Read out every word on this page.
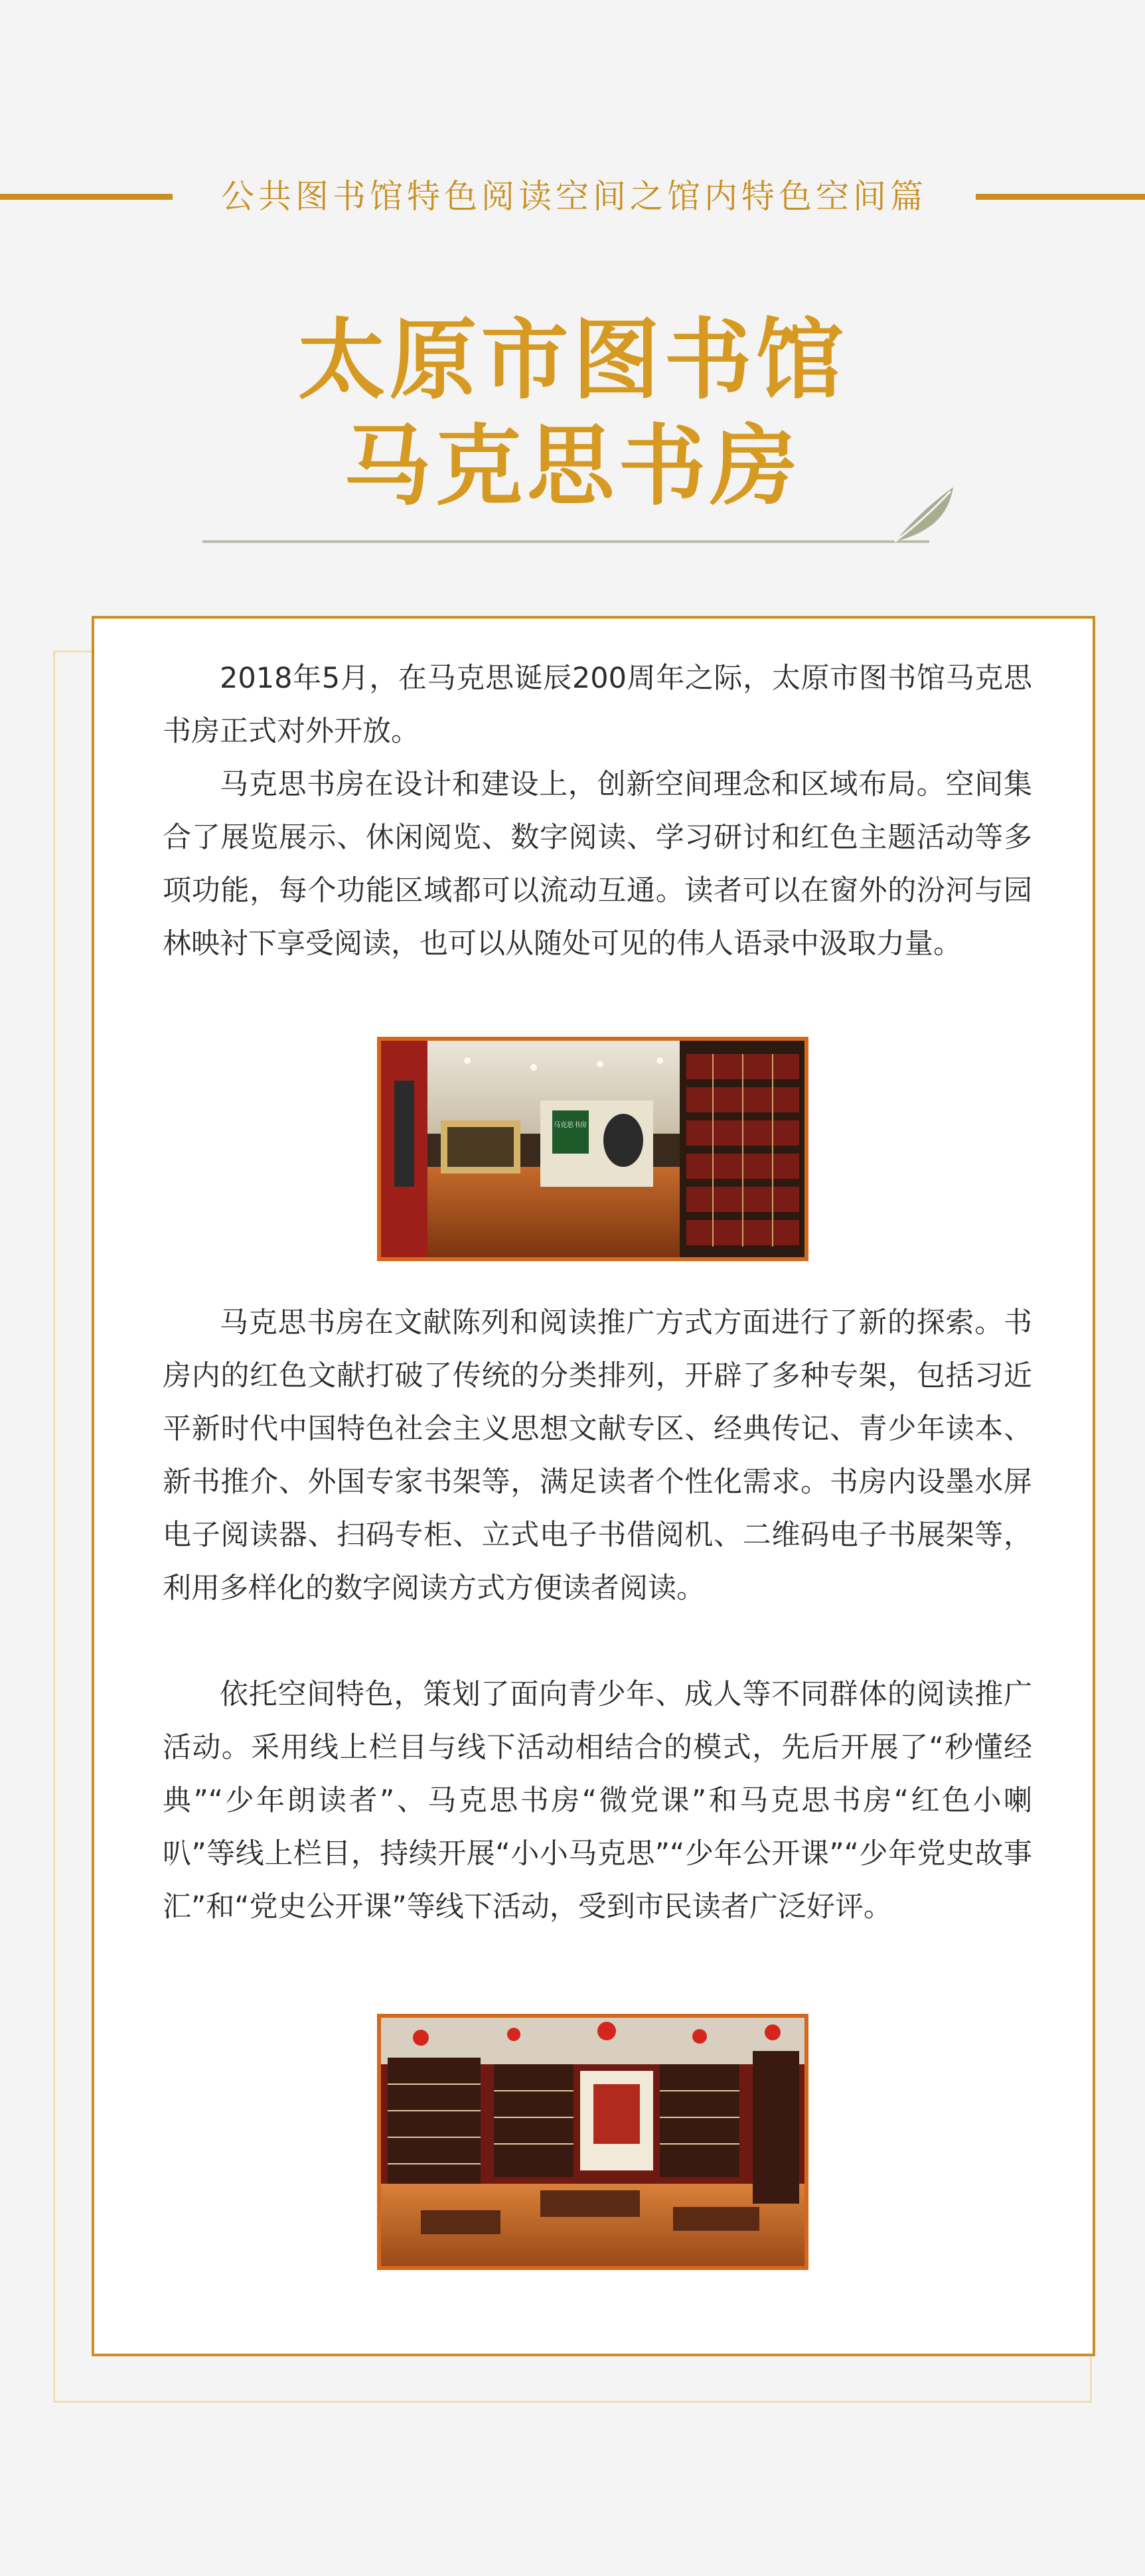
公共图书馆特色阅读空间之馆内特色空间篇
太原市图书馆
马克思书房

2018年5月，在马克思诞辰200周年之际，太原市图书馆马克思书房正式对外开放。

马克思书房在设计和建设上，创新空间理念和区域布局。空间集合了展览展示、休闲阅览、数字阅读、学习研讨和红色主题活动等多项功能，每个功能区域都可以流动互通。读者可以在窗外的汾河与园林映衬下享受阅读，也可以从随处可见的伟人语录中汲取力量。

马克思书房

马克思书房在文献陈列和阅读推广方式方面进行了新的探索。书房内的红色文献打破了传统的分类排列，开辟了多种专架，包括习近平新时代中国特色社会主义思想文献专区、经典传记、青少年读本、新书推介、外国专家书架等，满足读者个性化需求。书房内设墨水屏电子阅读器、扫码专柜、立式电子书借阅机、二维码电子书展架等，利用多样化的数字阅读方式方便读者阅读。

依托空间特色，策划了面向青少年、成人等不同群体的阅读推广活动。采用线上栏目与线下活动相结合的模式，先后开展了“秒懂经典”“少年朗读者”、马克思书房“微党课”和马克思书房“红色小喇叭”等线上栏目，持续开展“小小马克思”“少年公开课”“少年党史故事汇”和“党史公开课”等线下活动，受到市民读者广泛好评。
